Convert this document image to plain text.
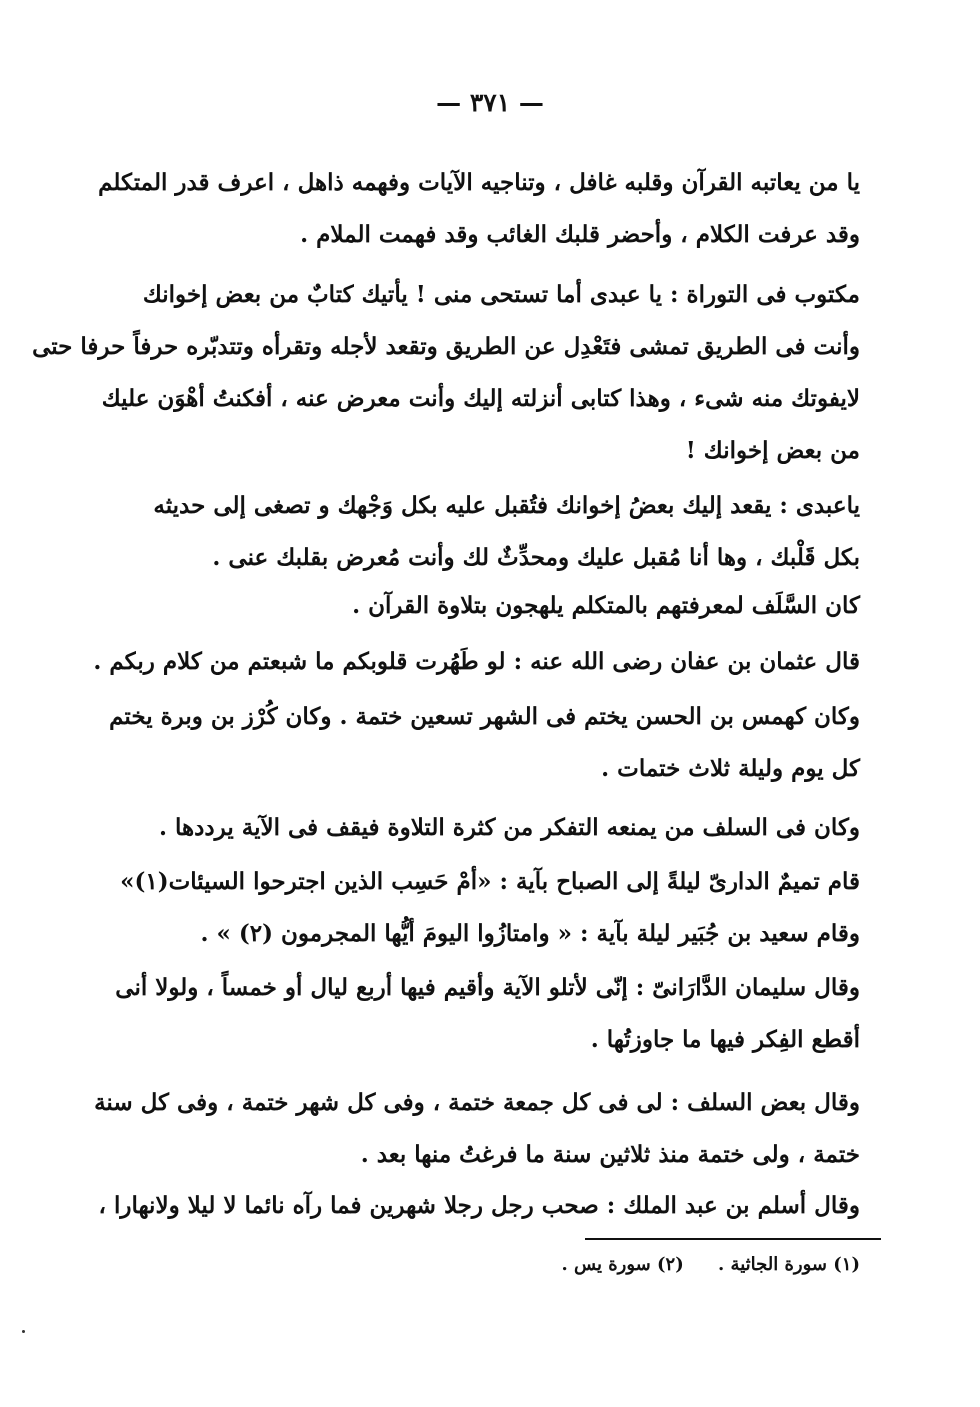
— ٣٧١ —
يا من يعاتبه القرآن وقلبه غافل ، وتناجيه الآيات وفهمه ذاهل ، اعرف قدر المتكلم
وقد عرفت الكلام ، وأحضر قلبك الغائب وقد فهمت الملام .
مكتوب فى التوراة : يا عبدى أما تستحى منى ! يأتيك كتابٌ من بعض إخوانك
وأنت فى الطريق تمشى فتَعْدِل عن الطريق وتقعد لأجله وتقرأه وتتدبّره حرفاً حرفا حتى
لايفوتك منه شىء ، وهذا كتابى أنزلته إليك وأنت معرض عنه ، أفكنتُ أهْوَن عليك
من بعض إخوانك !
ياعبدى : يقعد إليك بعضُ إخوانك فتُقبل عليه بكل وَجْهك و تصغى إلى حديثه
بكل قَلْبك ، وها أنا مُقبل عليك ومحدِّثٌ لك وأنت مُعرض بقلبك عنى .
كان السَّلَف لمعرفتهم بالمتكلم يلهجون بتلاوة القرآن .
قال عثمان بن عفان رضى الله عنه : لو طَهُرت قلوبكم ما شبعتم من كلام ربكم .
وكان كهمس بن الحسن يختم فى الشهر تسعين ختمة . وكان كُرْز بن وبرة يختم
كل يوم وليلة ثلاث ختمات .
وكان فى السلف من يمنعه التفكر من كثرة التلاوة فيقف فى الآية يرددها .
قام تميمٌ الدارىّ ليلةً إلى الصباح بآية : «أمْ حَسِب الذين اجترحوا السيئات(١)»
وقام سعيد بن جُبَير ليلة بآية : « وامتازُوا اليومَ أيُّها المجرمون (٢) » .
وقال سليمان الدَّارَانىّ : إنّى لأتلو الآية وأقيم فيها أربع ليال أو خمساً ، ولولا أنى
أقطع الفِكر فيها ما جاوزتُها .
وقال بعض السلف : لى فى كل جمعة ختمة ، وفى كل شهر ختمة ، وفى كل سنة
ختمة ، ولى ختمة منذ ثلاثين سنة ما فرغتُ منها بعد .
وقال أسلم بن عبد الملك : صحب رجل رجلا شهرين فما رآه نائما لا ليلا ولانهارا ،
(١) سورة الجاثية . (٢) سورة يس .
